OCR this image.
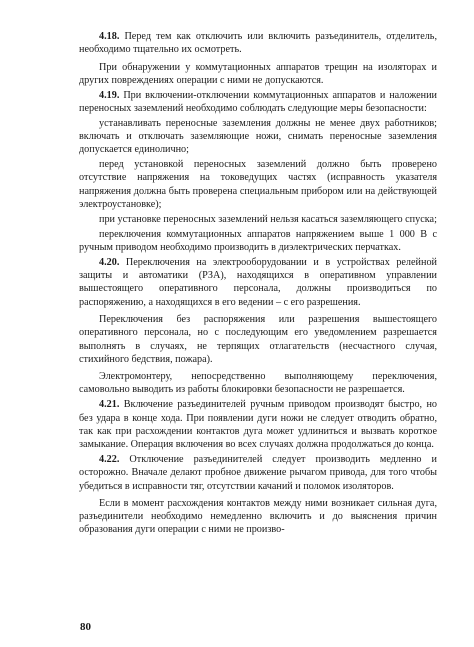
4.18. Перед тем как отключить или включить разъединитель, отделитель, необходимо тщательно их осмотреть.

При обнаружении у коммутационных аппаратов трещин на изоляторах и других повреждениях операции с ними не допускаются.

4.19. При включении-отключении коммутационных аппаратов и наложении переносных заземлений необходимо соблюдать следующие меры безопасности:

устанавливать переносные заземления должны не менее двух работников; включать и отключать заземляющие ножи, снимать переносные заземления допускается единолично;

перед установкой переносных заземлений должно быть проверено отсутствие напряжения на токоведущих частях (исправность указателя напряжения должна быть проверена специальным прибором или на действующей электроустановке);

при установке переносных заземлений нельзя касаться заземляющего спуска;

переключения коммутационных аппаратов напряжением выше 1 000 В с ручным приводом необходимо производить в диэлектрических перчатках.

4.20. Переключения на электрооборудовании и в устройствах релейной защиты и автоматики (РЗА), находящихся в оперативном управлении вышестоящего оперативного персонала, должны производиться по распоряжению, а находящихся в его ведении – с его разрешения.

Переключения без распоряжения или разрешения вышестоящего оперативного персонала, но с последующим его уведомлением разрешается выполнять в случаях, не терпящих отлагательств (несчастного случая, стихийного бедствия, пожара).

Электромонтеру, непосредственно выполняющему переключения, самовольно выводить из работы блокировки безопасности не разрешается.

4.21. Включение разъединителей ручным приводом производят быстро, но без удара в конце хода. При появлении дуги ножи не следует отводить обратно, так как при расхождении контактов дуга может удлиниться и вызвать короткое замыкание. Операция включения во всех случаях должна продолжаться до конца.

4.22. Отключение разъединителей следует производить медленно и осторожно. Вначале делают пробное движение рычагом привода, для того чтобы убедиться в исправности тяг, отсутствии качаний и поломок изоляторов.

Если в момент расхождения контактов между ними возникает сильная дуга, разъединители необходимо немедленно включить и до выяснения причин образования дуги операции с ними не произво-

80
